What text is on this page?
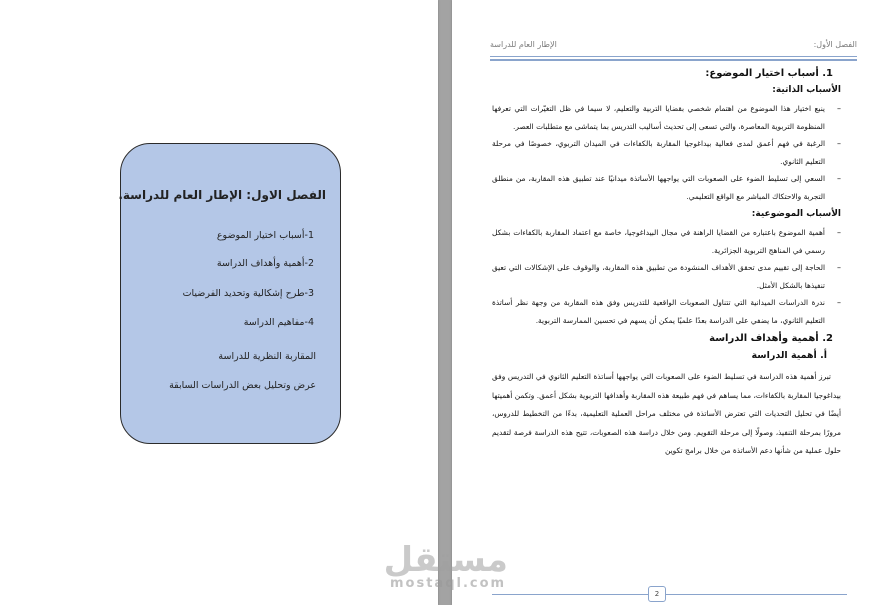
الفصل الاول: الإطار العام للدراسة.
1-أسباب اختيار الموضوع
2-أهمية وأهداف الدراسة
3-طرح إشكالية وتحديد الفرضيات
4-مفاهيم الدراسة
المقاربة النظرية للدراسة
عرض وتحليل بعض الدراسات السابقة
الفصل الأول:
الإطار العام للدراسة
1. أسباب اختيار الموضوع:
الأسباب الذاتية:

– ينبع اختيار هذا الموضوع من اهتمام شخصي بقضايا التربية والتعليم، لا سيما في ظل التغيّرات التي تعرفها المنظومة التربوية المعاصرة، والتي تسعى إلى تحديث أساليب التدريس بما يتماشى مع متطلبات العصر.

– الرغبة في فهم أعمق لمدى فعالية بيداغوجيا المقاربة بالكفاءات في الميدان التربوي، خصوصًا في مرحلة التعليم الثانوي.

– السعي إلى تسليط الضوء على الصعوبات التي يواجهها الأساتذة ميدانيًا عند تطبيق هذه المقاربة، من منطلق التجربة والاحتكاك المباشر مع الواقع التعليمي.

الأسباب الموضوعية:

– أهمية الموضوع باعتباره من القضايا الراهنة في مجال البيداغوجيا، خاصة مع اعتماد المقاربة بالكفاءات بشكل رسمي في المناهج التربوية الجزائرية.

– الحاجة إلى تقييم مدى تحقق الأهداف المنشودة من تطبيق هذه المقاربة، والوقوف على الإشكالات التي تعيق تنفيذها بالشكل الأمثل.

– ندرة الدراسات الميدانية التي تتناول الصعوبات الواقعية للتدريس وفق هذه المقاربة من وجهة نظر أساتذة التعليم الثانوي، ما يضفي على الدراسة بعدًا علميًا يمكن أن يسهم في تحسين الممارسة التربوية.

2. أهمية وأهداف الدراسة
أ. أهمية الدراسة

تبرز أهمية هذه الدراسة في تسليط الضوء على الصعوبات التي يواجهها أساتذة التعليم الثانوي في التدريس وفق بيداغوجيا المقاربة بالكفاءات، مما يساهم في فهم طبيعة هذه المقاربة وأهدافها التربوية بشكل أعمق. وتكمن أهميتها أيضًا في تحليل التحديات التي تعترض الأساتذة في مختلف مراحل العملية التعليمية، بدءًا من التخطيط للدروس، مرورًا بمرحلة التنفيذ، وصولًا إلى مرحلة التقويم. ومن خلال دراسة هذه الصعوبات، تتيح هذه الدراسة فرصة لتقديم حلول عملية من شأنها دعم الأساتذة من خلال برامج تكوين

2
مستقل
mostaql.com
